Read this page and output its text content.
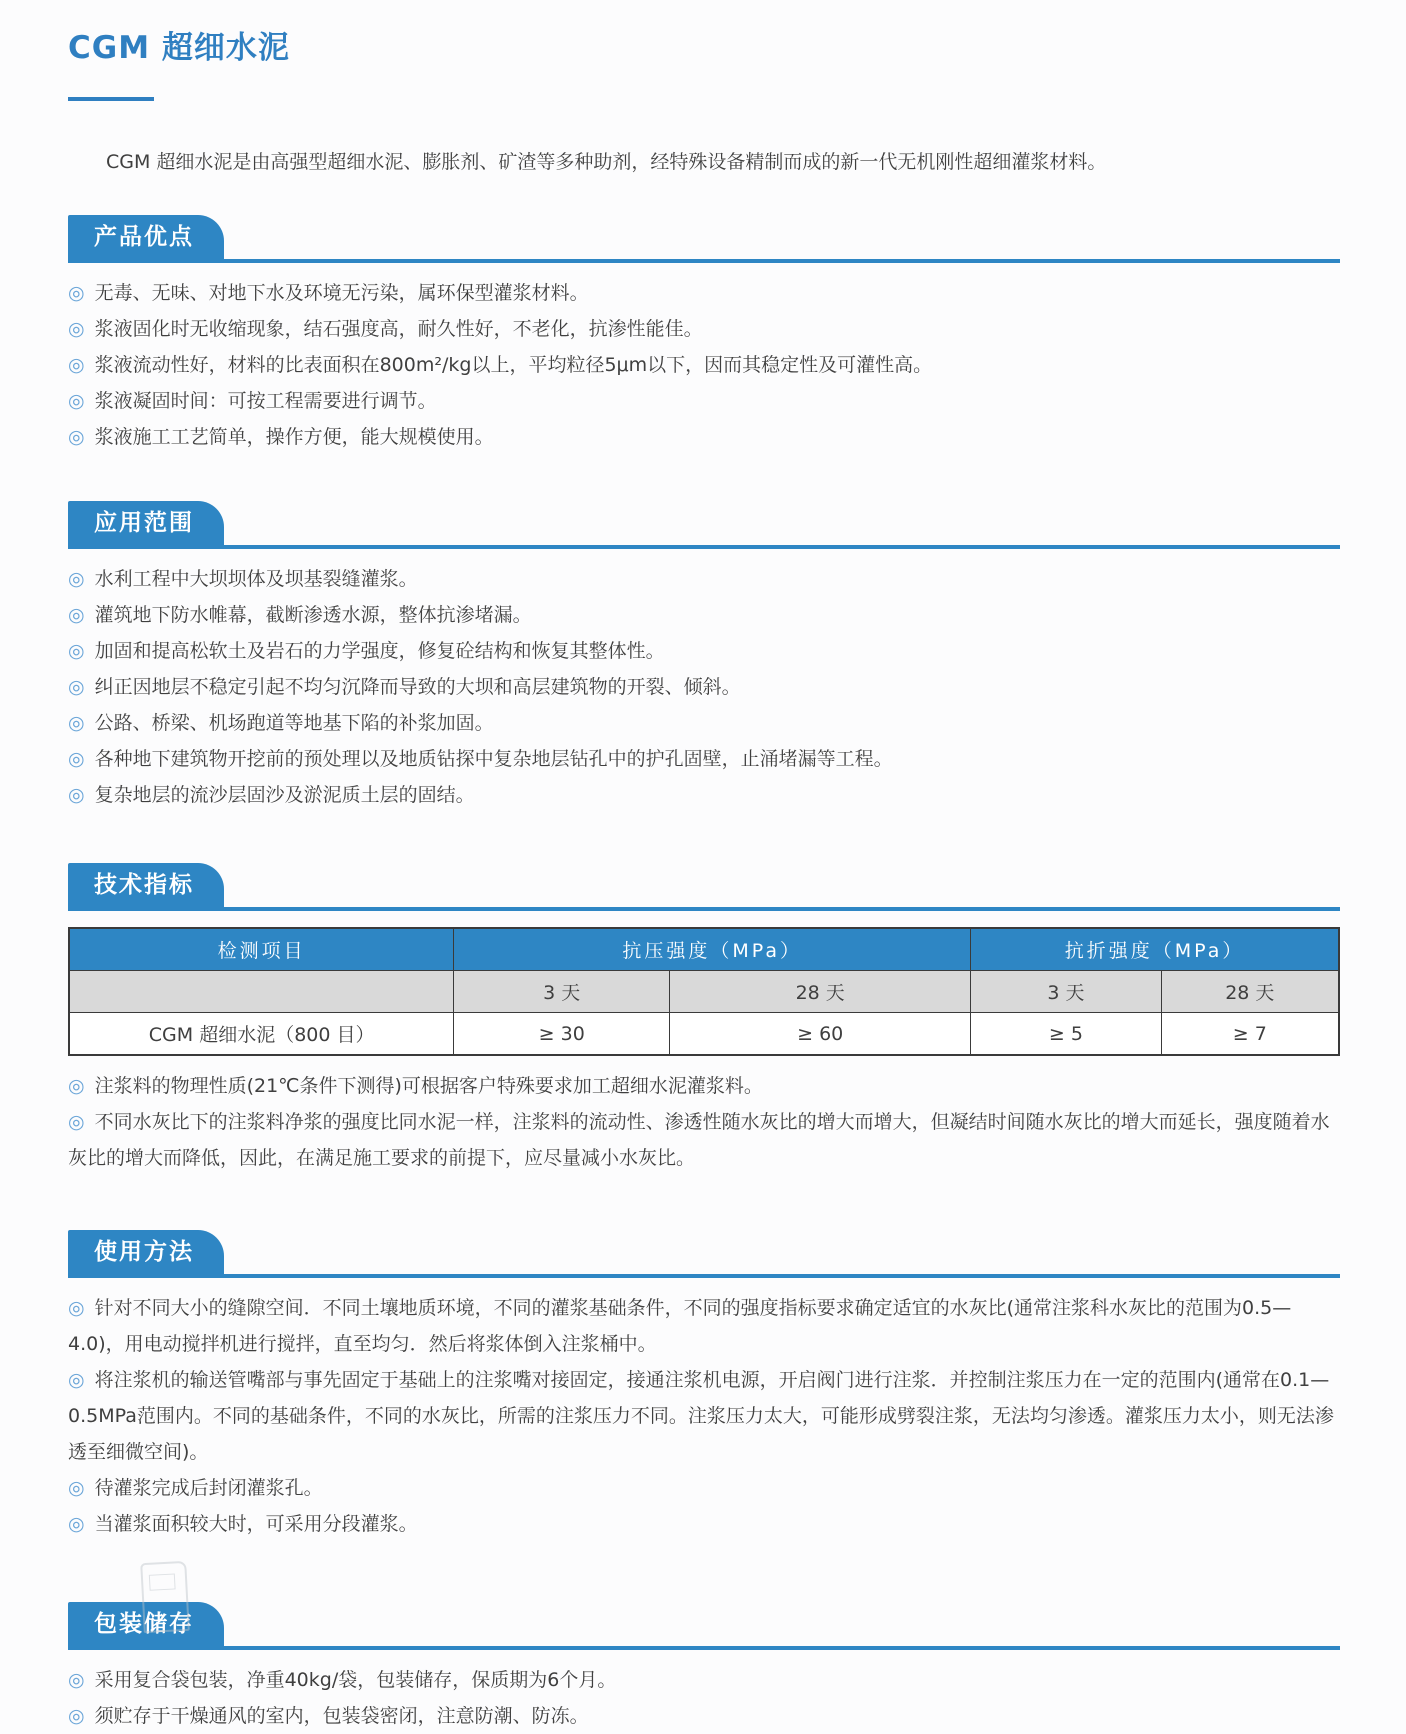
CGM 超细水泥

CGM 超细水泥是由高强型超细水泥、膨胀剂、矿渣等多种助剂，经特殊设备精制而成的新一代无机刚性超细灌浆材料。

产品优点
◎ 无毒、无味、对地下水及环境无污染，属环保型灌浆材料。
◎ 浆液固化时无收缩现象，结石强度高，耐久性好，不老化，抗渗性能佳。
◎ 浆液流动性好，材料的比表面积在800m²/kg以上，平均粒径5μm以下，因而其稳定性及可灌性高。
◎ 浆液凝固时间：可按工程需要进行调节。
◎ 浆液施工工艺简单，操作方便，能大规模使用。
应用范围
◎ 水利工程中大坝坝体及坝基裂缝灌浆。
◎ 灌筑地下防水帷幕，截断渗透水源，整体抗渗堵漏。
◎ 加固和提高松软土及岩石的力学强度，修复砼结构和恢复其整体性。
◎ 纠正因地层不稳定引起不均匀沉降而导致的大坝和高层建筑物的开裂、倾斜。
◎ 公路、桥梁、机场跑道等地基下陷的补浆加固。
◎ 各种地下建筑物开挖前的预处理以及地质钻探中复杂地层钻孔中的护孔固壁，止涌堵漏等工程。
◎ 复杂地层的流沙层固沙及淤泥质土层的固结。
技术指标
检测项目	抗压强度（MPa）		抗折强度（MPa）	
	3 天	28 天	3 天	28 天
CGM 超细水泥（800 目）	≥ 30	≥ 60	≥ 5	≥ 7
◎ 注浆料的物理性质(21℃条件下测得)可根据客户特殊要求加工超细水泥灌浆料。
◎ 不同水灰比下的注浆料净浆的强度比同水泥一样，注浆料的流动性、渗透性随水灰比的增大而增大，但凝结时间随水灰比的增大而延长，强度随着水灰比的增大而降低，因此，在满足施工要求的前提下，应尽量减小水灰比。
使用方法
◎ 针对不同大小的缝隙空间．不同土壤地质环境，不同的灌浆基础条件，不同的强度指标要求确定适宜的水灰比(通常注浆科水灰比的范围为0.5—4.0)，用电动搅拌机进行搅拌，直至均匀．然后将浆体倒入注浆桶中。
◎ 将注浆机的输送管嘴部与事先固定于基础上的注浆嘴对接固定，接通注浆机电源，开启阀门进行注浆．并控制注浆压力在一定的范围内(通常在0.1—0.5MPa范围内。不同的基础条件，不同的水灰比，所需的注浆压力不同。注浆压力太大，可能形成劈裂注浆，无法均匀渗透。灌浆压力太小，则无法渗透至细微空间)。
◎ 待灌浆完成后封闭灌浆孔。
◎ 当灌浆面积较大时，可采用分段灌浆。
包装储存
◎ 采用复合袋包装，净重40kg/袋，包装储存，保质期为6个月。
◎ 须贮存于干燥通风的室内，包装袋密闭，注意防潮、防冻。
